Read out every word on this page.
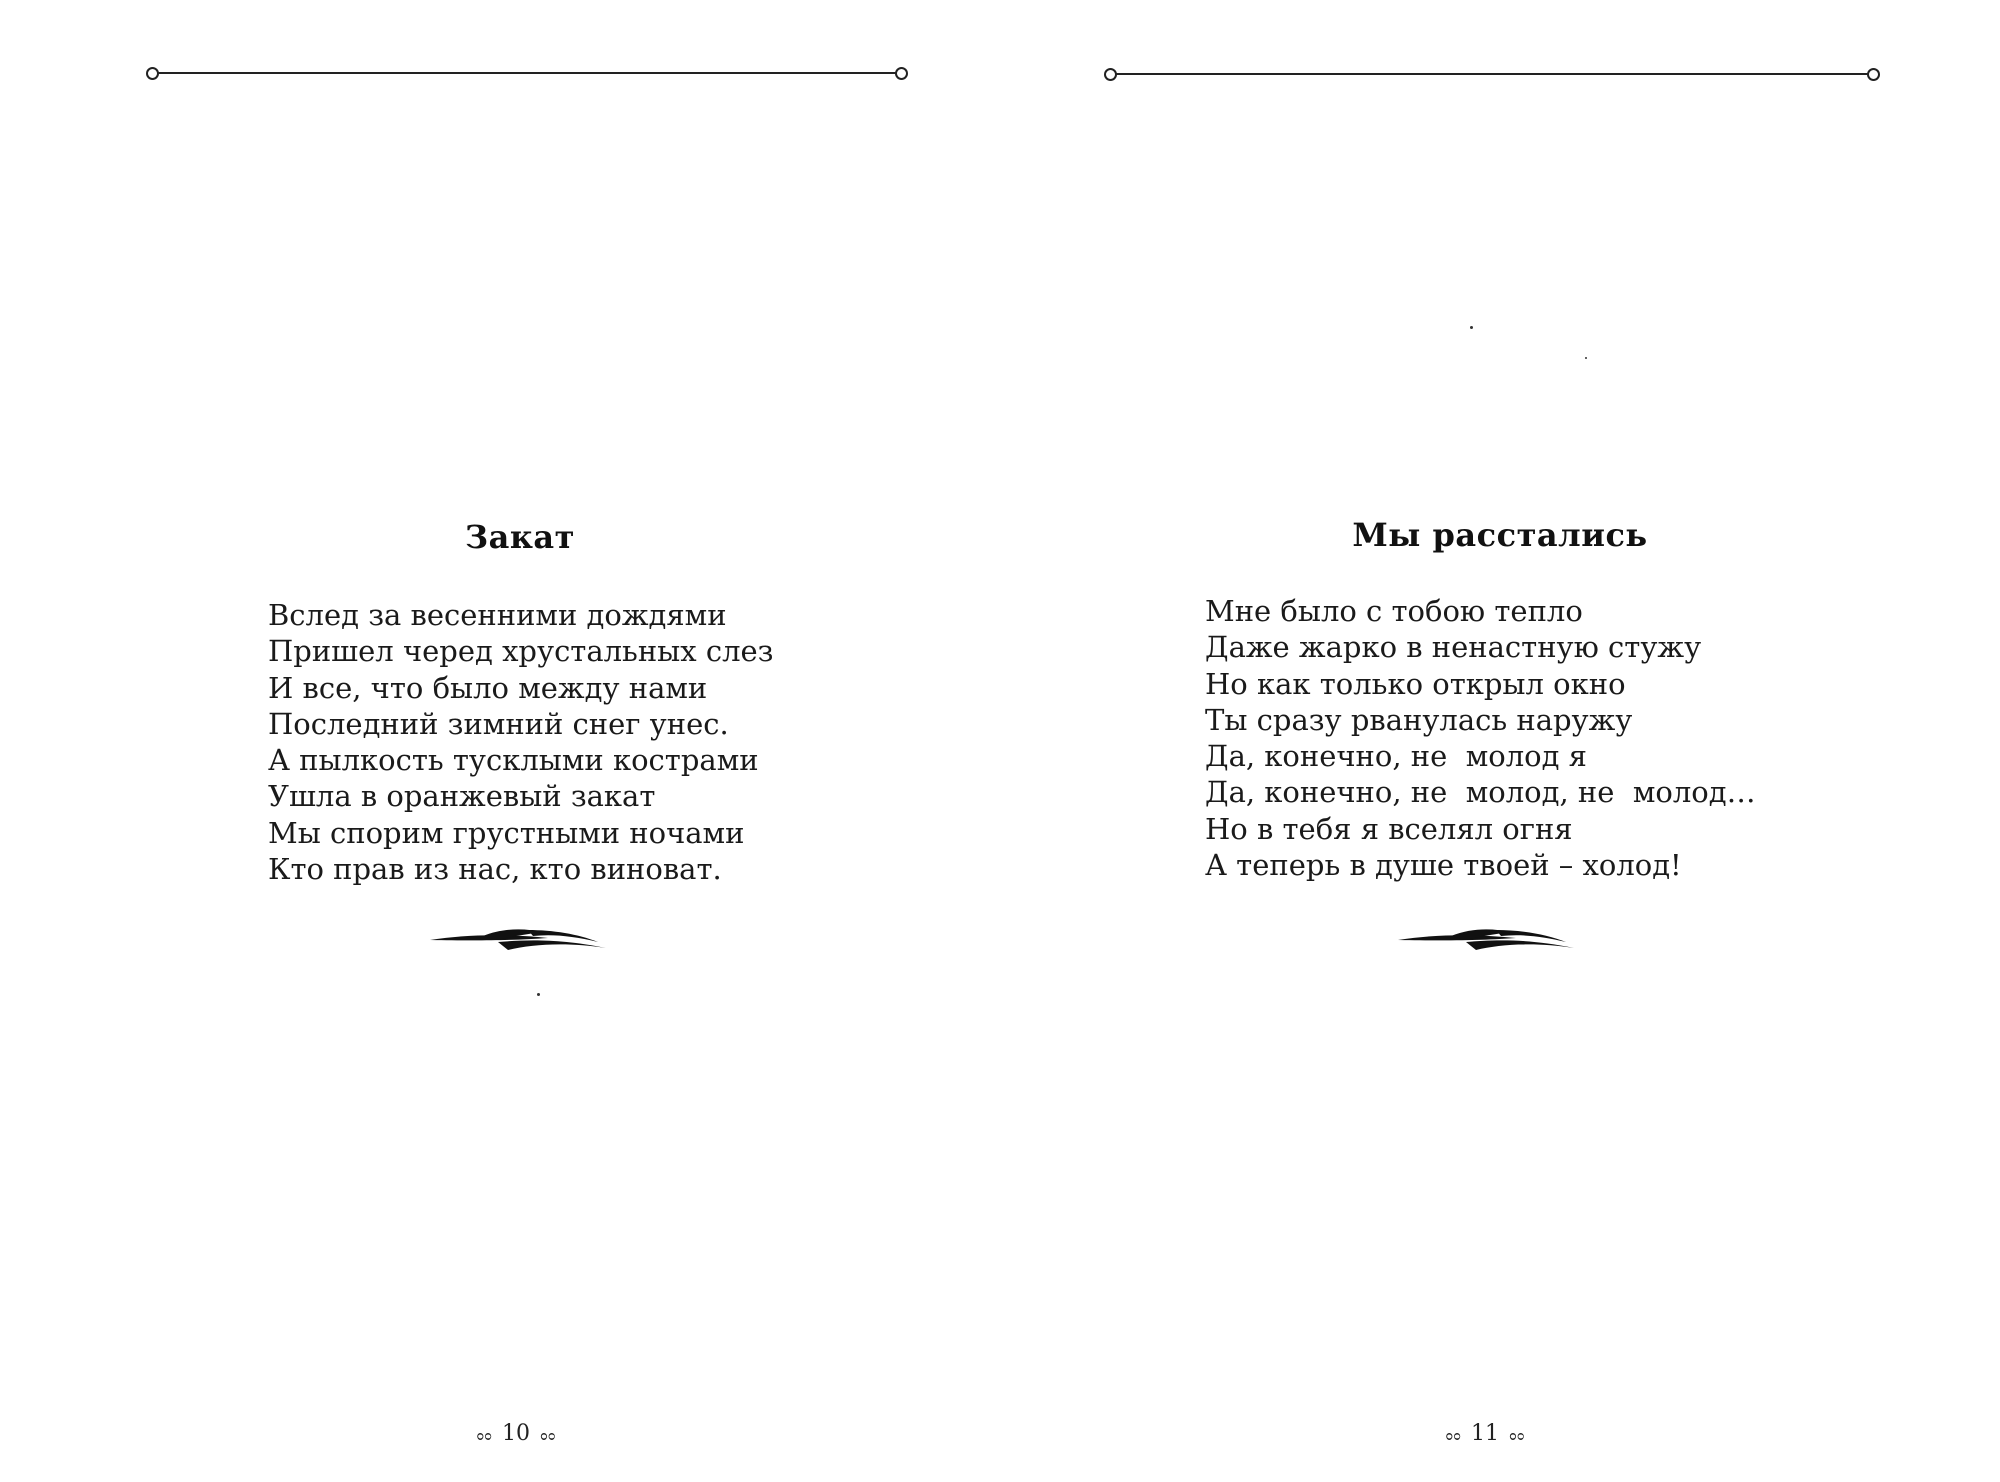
Закат
Вслед за весенними дождями
Пришел черед хрустальных слез
И все, что было между нами
Последний зимний снег унес.
А пылкость тусклыми кострами
Ушла в оранжевый закат
Мы спорим грустными ночами
Кто прав из нас, кто виноват.
ೲ 10 ೲ
Мы расстались
Мне было с тобою тепло
Даже жарко в ненастную стужу
Но как только открыл окно
Ты сразу рванулась наружу
Да, конечно, не  молод я
Да, конечно, не  молод, не  молод…
Но в тебя я вселял огня
А теперь в душе твоей – холод!
ೲ 11 ೲ
